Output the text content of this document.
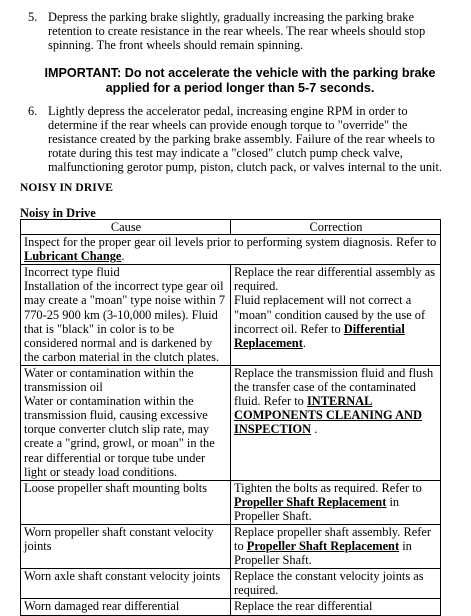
5. Depress the parking brake slightly, gradually increasing the parking brake retention to create resistance in the rear wheels. The rear wheels should stop spinning. The front wheels should remain spinning.
IMPORTANT: Do not accelerate the vehicle with the parking brake applied for a period longer than 5-7 seconds.
6. Lightly depress the accelerator pedal, increasing engine RPM in order to determine if the rear wheels can provide enough torque to "override" the resistance created by the parking brake assembly. Failure of the rear wheels to rotate during this test may indicate a "closed" clutch pump check valve, malfunctioning gerotor pump, piston, clutch pack, or valves internal to the unit.
NOISY IN DRIVE
Noisy in Drive
Cause	Correction
Inspect for the proper gear oil levels prior to performing system diagnosis. Refer to Lubricant Change.	

Incorrect type fluid
Installation of the incorrect type gear oil may create a "moan" type noise within 7 770-25 900 km (3-10,000 miles). Fluid that is "black" in color is to be considered normal and is darkened by the carbon material in the clutch plates.	Replace the rear differential assembly as required.
Fluid replacement will not correct a "moan" condition caused by the use of incorrect oil. Refer to Differential Replacement.

Water or contamination within the transmission oil
Water or contamination within the transmission fluid, causing excessive torque converter clutch slip rate, may create a "grind, growl, or moan" in the rear differential or torque tube under light or steady load conditions.	Replace the transmission fluid and flush the transfer case of the contaminated fluid. Refer to INTERNAL COMPONENTS CLEANING AND INSPECTION .
Loose propeller shaft mounting bolts	Tighten the bolts as required. Refer to Propeller Shaft Replacement in Propeller Shaft.
Worn propeller shaft constant velocity joints	Replace propeller shaft assembly. Refer to Propeller Shaft Replacement in Propeller Shaft.
Worn axle shaft constant velocity joints	Replace the constant velocity joints as required.
Worn damaged rear differential	Replace the rear differential
